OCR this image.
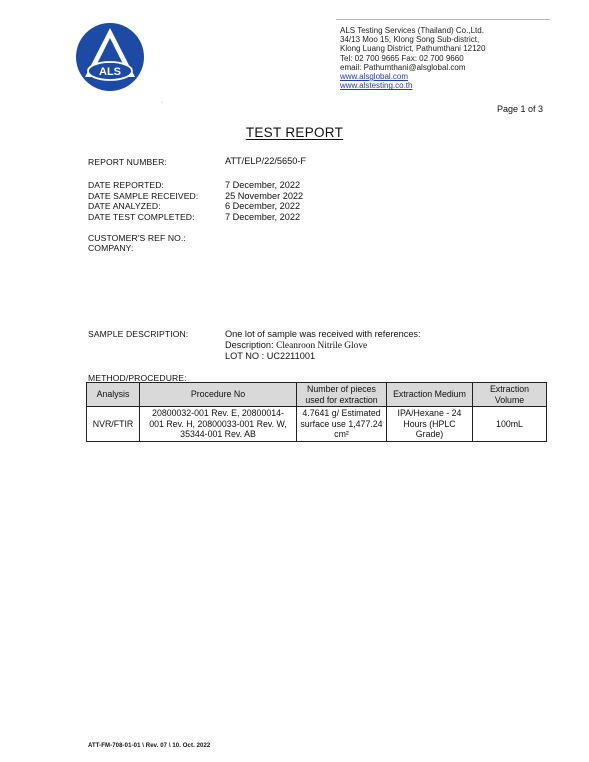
ALS
ALS Testing Services (Thailand) Co.,Ltd.
34/13 Moo 15, Klong Song Sub-district,
Klong Luang District, Pathumthani 12120
Tel: 02 700 9665 Fax: 02 700 9660
email: Pathumthani@alsglobal.com
www.alsglobal.com
www.alstesting.co.th
·
Page 1 of 3
TEST REPORT
REPORT NUMBER:	ATT/ELP/22/5650-F
DATE REPORTED:	7 December, 2022
DATE SAMPLE RECEIVED:	25 November 2022
DATE ANALYZED:	6 December, 2022
DATE TEST COMPLETED:	7 December, 2022
CUSTOMER'S REF NO.:
COMPANY:
SAMPLE DESCRIPTION:	One lot of sample was received with references:
Description: Cleanroon Nitrile Glove
LOT NO : UC2211001
METHOD/PROCEDURE:
Analysis	Procedure No	Number of pieces used for extraction	Extraction Medium	Extraction Volume
NVR/FTIR	20800032-001 Rev. E, 20800014-001 Rev. H, 20800033-001 Rev. W, 35344-001 Rev. AB	4.7641 g/ Estimated surface use 1,477.24 cm²	IPA/Hexane - 24 Hours (HPLC Grade)	100mL
ATT-FM-708-01-01 \ Rev. 07 \ 10. Oct. 2022
